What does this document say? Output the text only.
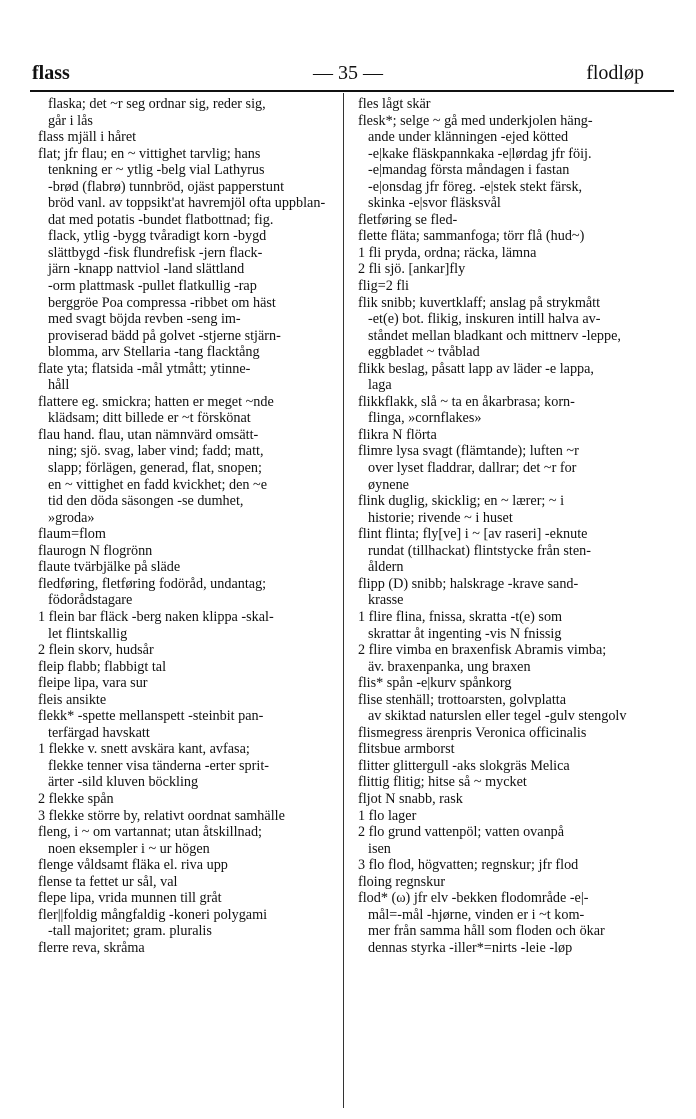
flass	— 35 —	flodløp
flaska; det ~r seg ordnar sig, reder sig,
går i lås
flass mjäll i håret
flat; jfr flau; en ~ vittighet tarvlig; hans
tenkning er ~ ytlig -belg vial Lathyrus
-brød (flabrø) tunnbröd, ojäst papperstunt
bröd vanl. av toppsikt'at havremjöl ofta uppblan-
dat med potatis -bundet flatbottnad; fig.
flack, ytlig -bygg tvåradigt korn -bygd
slättbygd -fisk flundrefisk -jern flack-
järn -knapp nattviol -land slättland
-orm plattmask -pullet flatkullig -rap
berggröe Poa compressa -ribbet om häst
med svagt böjda revben -seng im-
proviserad bädd på golvet -stjerne stjärn-
blomma, arv Stellaria -tang flacktång
flate yta; flatsida -mål ytmått; ytinne-
håll
flattere eg. smickra; hatten er meget ~nde
klädsam; ditt billede er ~t förskönat
flau hand. flau, utan nämnvärd omsätt-
ning; sjö. svag, laber vind; fadd; matt,
slapp; förlägen, generad, flat, snopen;
en ~ vittighet en fadd kvickhet; den ~e
tid den döda säsongen -se dumhet,
»groda»
flaum=flom
flaurogn N flogrönn
flaute tvärbjälke på släde
fledføring, fletføring fodöråd, undantag;
födorådstagare
1 flein bar fläck -berg naken klippa -skal-
let flintskallig
2 flein skorv, hudsår
fleip flabb; flabbigt tal
fleipe lipa, vara sur
fleis ansikte
flekk* -spette mellanspett -steinbit pan-
terfärgad havskatt
1 flekke v. snett avskära kant, avfasa;
flekke tenner visa tänderna -erter sprit-
ärter -sild kluven böckling
2 flekke spån
3 flekke större by, relativt oordnat samhälle
fleng, i ~ om vartannat; utan åtskillnad;
noen eksempler i ~ ur högen
flenge våldsamt fläka el. riva upp
flense ta fettet ur sål, val
flepe lipa, vrida munnen till gråt
fler||foldig mångfaldig -koneri polygami
-tall majoritet; gram. pluralis
flerre reva, skråma
fles lågt skär
flesk*; selge ~ gå med underkjolen häng-
ande under klänningen -ejed kötted
-e|kake fläskpannkaka -e|lørdag jfr föij.
-e|mandag första måndagen i fastan
-e|onsdag jfr föreg. -e|stek stekt färsk,
skinka -e|svor fläsksvål
fletføring se fled-
flette fläta; sammanfoga; törr flå (hud~)
1 fli pryda, ordna; räcka, lämna
2 fli sjö. [ankar]fly
flig=2 fli
flik snibb; kuvertklaff; anslag på strykmått
-et(e) bot. flikig, inskuren intill halva av-
ståndet mellan bladkant och mittnerv -leppe,
eggbladet ~ tvåblad
flikk beslag, påsatt lapp av läder -e lappa,
laga
flikkflakk, slå ~ ta en åkarbrasa; korn-
flinga, »cornflakes»
flikra N flörta
flimre lysa svagt (flämtande); luften ~r
over lyset fladdrar, dallrar; det ~r for
øynene
flink duglig, skicklig; en ~ lærer; ~ i
historie; rivende ~ i huset
flint flinta; fly[ve] i ~ [av raseri] -eknute
rundat (tillhackat) flintstycke från sten-
åldern
flipp (D) snibb; halskrage -krave sand-
krasse
1 flire flina, fnissa, skratta -t(e) som
skrattar åt ingenting -vis N fnissig
2 flire vimba en braxenfisk Abramis vimba;
äv. braxenpanka, ung braxen
flis* spån -e|kurv spånkorg
flise stenhäll; trottoarsten, golvplatta
av skiktad naturslen eller tegel -gulv stengolv
flismegress ärenpris Veronica officinalis
flitsbue armborst
flitter glittergull -aks slokgräs Melica
flittig flitig; hitse så ~ mycket
fljot N snabb, rask
1 flo lager
2 flo grund vattenpöl; vatten ovanpå
isen
3 flo flod, högvatten; regnskur; jfr flod
floing regnskur
flod* (ω) jfr elv -bekken flodområde -e|-
mål=-mål -hjørne, vinden er i ~t kom-
mer från samma håll som floden och ökar
dennas styrka -iller*=nirts -leie -løp
